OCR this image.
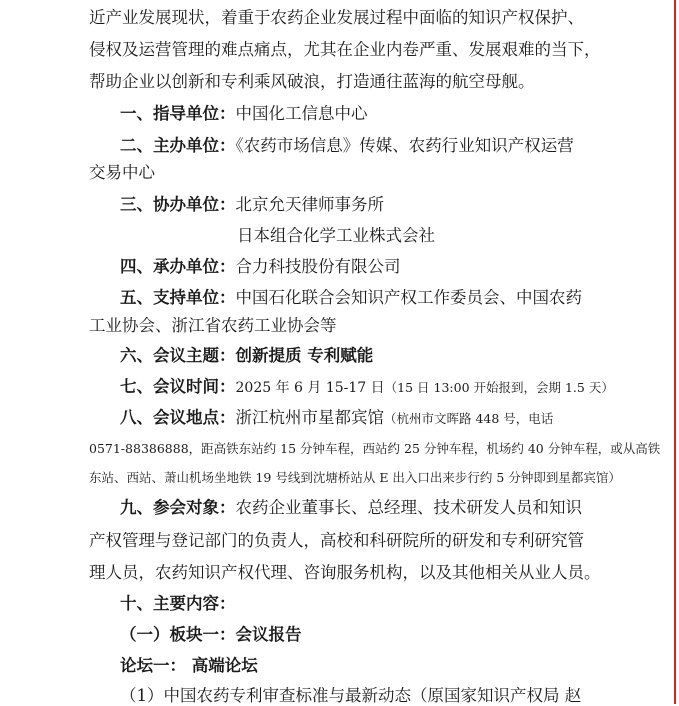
近产业发展现状，着重于农药企业发展过程中面临的知识产权保护、
侵权及运营管理的难点痛点，尤其在企业内卷严重、发展艰难的当下，
帮助企业以创新和专利乘风破浪，打造通往蓝海的航空母舰。
一、指导单位：中国化工信息中心
二、主办单位：《农药市场信息》传媒、农药行业知识产权运营
交易中心
三、协办单位：北京允天律师事务所
日本组合化学工业株式会社
四、承办单位：合力科技股份有限公司
五、支持单位：中国石化联合会知识产权工作委员会、中国农药
工业协会、浙江省农药工业协会等
六、会议主题：创新提质 专利赋能
七、会议时间：2025 年 6 月 15-17 日（15 日 13:00 开始报到，会期 1.5 天）
八、会议地点：浙江杭州市星都宾馆（杭州市文晖路 448 号，电话
0571-88386888，距高铁东站约 15 分钟车程，西站约 25 分钟车程，机场约 40 分钟车程，或从高铁
东站、西站、萧山机场坐地铁 19 号线到沈塘桥站从 E 出入口出来步行约 5 分钟即到星都宾馆）
九、参会对象：农药企业董事长、总经理、技术研发人员和知识
产权管理与登记部门的负责人，高校和科研院所的研发和专利研究管
理人员，农药知识产权代理、咨询服务机构，以及其他相关从业人员。
十、主要内容：
（一）板块一：会议报告
论坛一： 高端论坛
（1）中国农药专利审查标准与最新动态（原国家知识产权局 赵
